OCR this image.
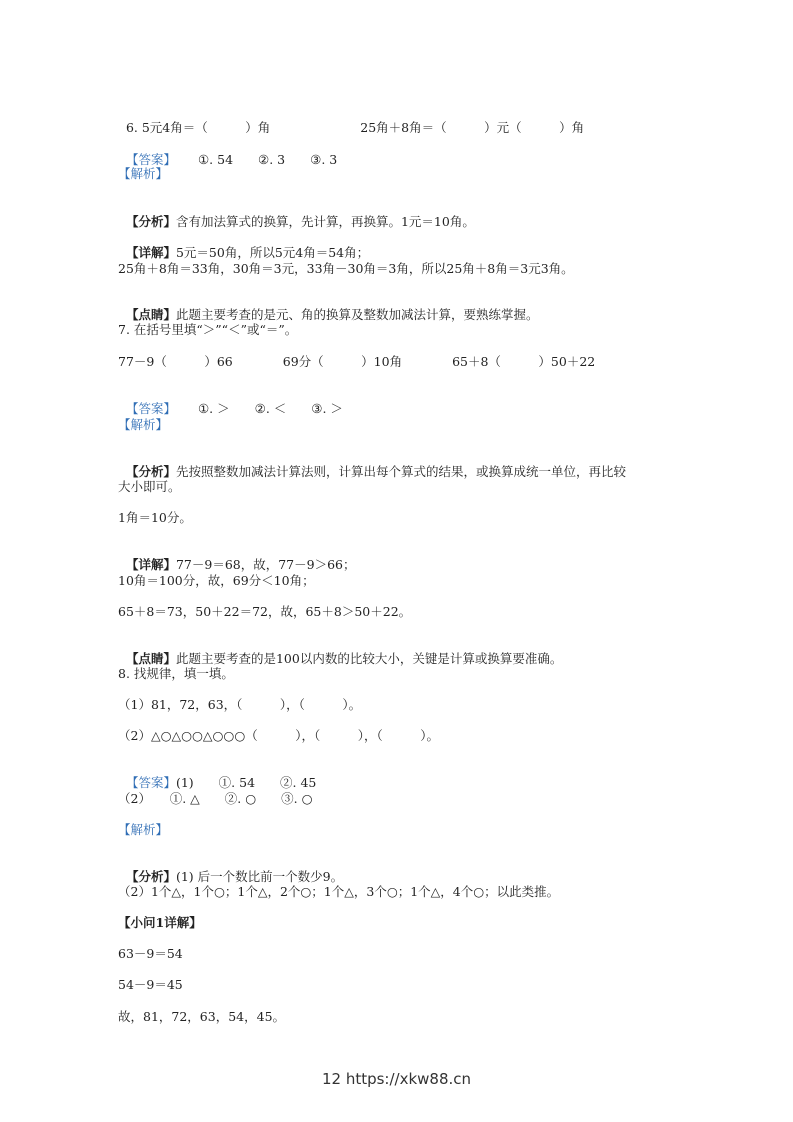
6. 5元4角＝（　　　）角	25角＋8角＝（　　　）元（　　　）角

【答案】 ①. 54　　②. 3　　③. 3

【解析】

【分析】含有加法算式的换算，先计算，再换算。1元＝10角。

【详解】5元＝50角，所以5元4角＝54角；

25角＋8角＝33角，30角＝3元，33角－30角＝3角，所以25角＋8角＝3元3角。

【点睛】此题主要考查的是元、角的换算及整数加减法计算，要熟练掌握。

7. 在括号里填“＞”“＜”或“＝”。
77－9（　　　）66　　　　69分（　　　）10角　　　　65＋8（　　　）50＋22

【答案】 ①. ＞　　②. ＜　　③. ＞

【解析】

【分析】先按照整数加减法计算法则，计算出每个算式的结果，或换算成统一单位，再比较

大小即可。
1角＝10分。

【详解】77－9＝68，故，77－9＞66；

10角＝100分，故，69分＜10角；
65＋8＝73，50＋22＝72，故，65＋8＞50＋22。

【点睛】此题主要考查的是100以内数的比较大小，关键是计算或换算要准确。

8. 找规律，填一填。
（1）81，72，63，（　　　），（　　　）。
（2）△○△○○△○○○（　　　），（　　　），（　　　）。

【答案】(1)　　①. 54　　②. 45

（2）　　①. △　　②. ○　　③. ○
【解析】

【分析】(1) 后一个数比前一个数少9。

（2）1个△，1个○；1个△，2个○；1个△，3个○；1个△，4个○；以此类推。
【小问1详解】
63－9＝54
54－9＝45
故，81，72，63，54，45。
12 https://xkw88.cn
